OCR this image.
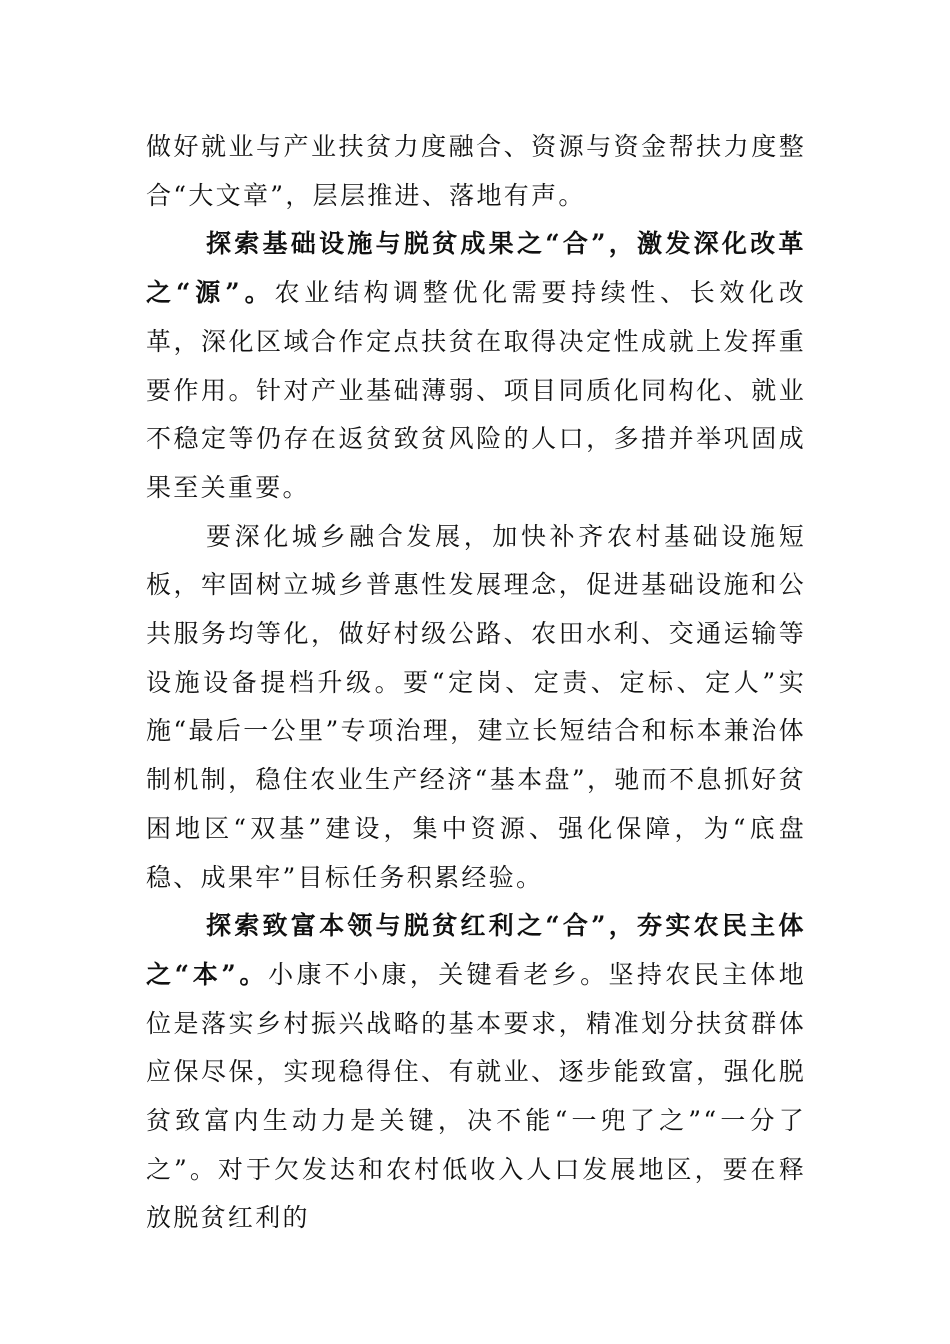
做好就业与产业扶贫力度融合、资源与资金帮扶力度整合“大文章”，层层推进、落地有声。

探索基础设施与脱贫成果之“合”，激发深化改革之“源”。农业结构调整优化需要持续性、长效化改革，深化区域合作定点扶贫在取得决定性成就上发挥重要作用。针对产业基础薄弱、项目同质化同构化、就业不稳定等仍存在返贫致贫风险的人口，多措并举巩固成果至关重要。

要深化城乡融合发展，加快补齐农村基础设施短板，牢固树立城乡普惠性发展理念，促进基础设施和公共服务均等化，做好村级公路、农田水利、交通运输等设施设备提档升级。要“定岗、定责、定标、定人”实施“最后一公里”专项治理，建立长短结合和标本兼治体制机制，稳住农业生产经济“基本盘”，驰而不息抓好贫困地区“双基”建设，集中资源、强化保障，为“底盘稳、成果牢”目标任务积累经验。

探索致富本领与脱贫红利之“合”，夯实农民主体之“本”。小康不小康，关键看老乡。坚持农民主体地位是落实乡村振兴战略的基本要求，精准划分扶贫群体应保尽保，实现稳得住、有就业、逐步能致富，强化脱贫致富内生动力是关键，决不能“一兜了之”“一分了之”。对于欠发达和农村低收入人口发展地区，要在释放脱贫红利的
